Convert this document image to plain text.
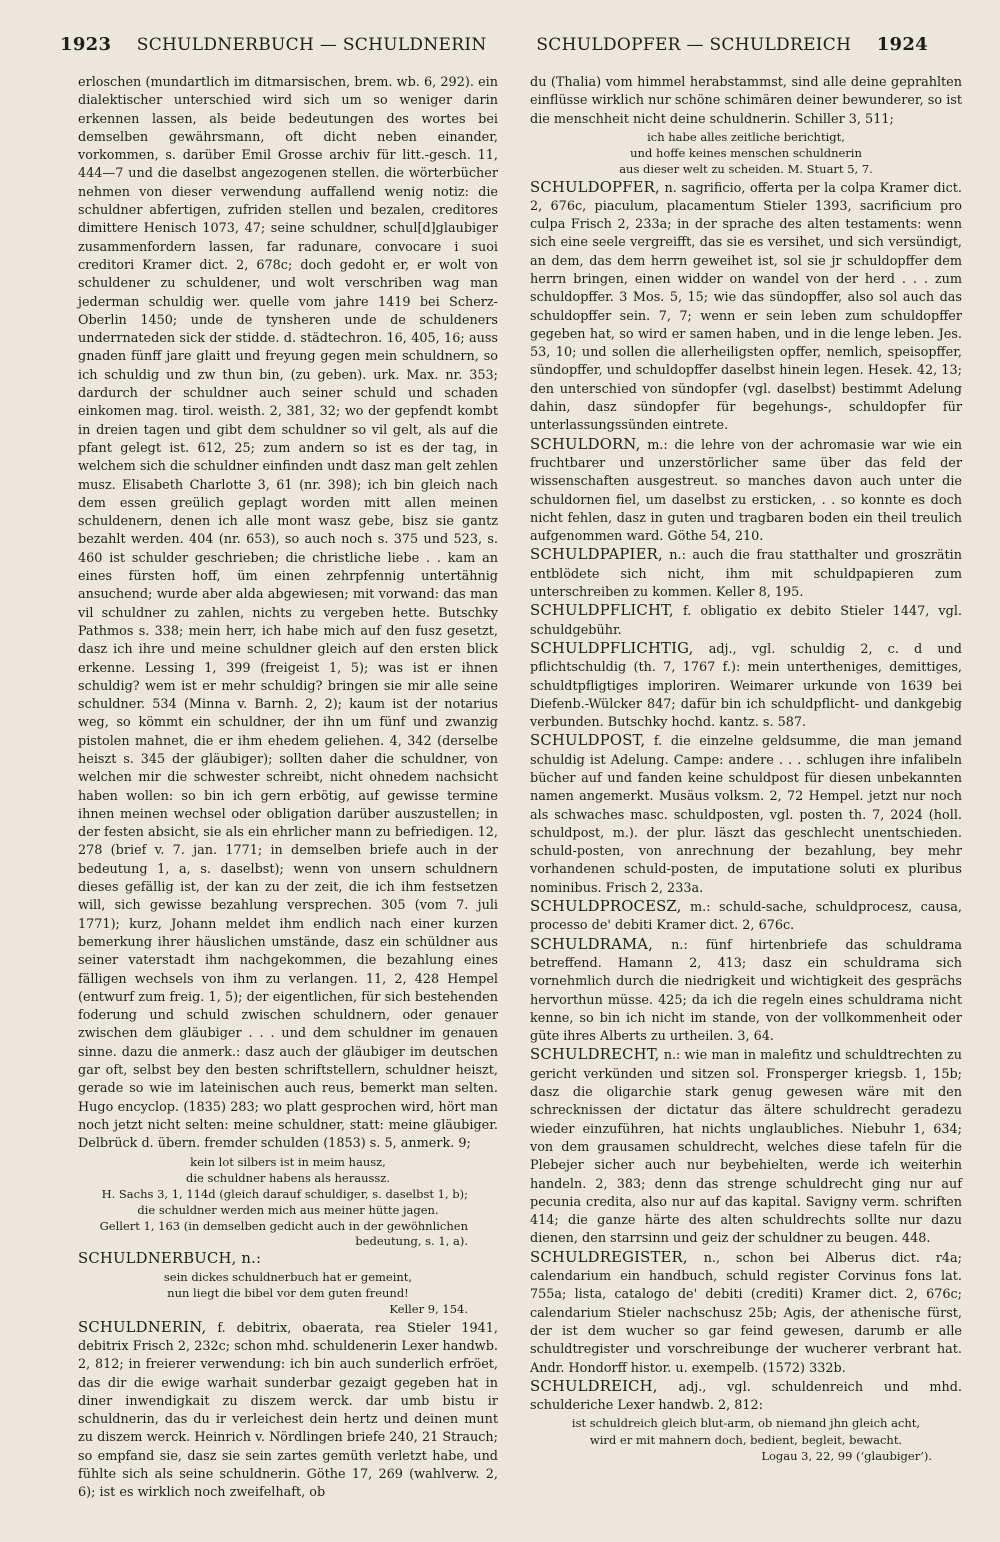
1923 SCHULDNERBUCH — SCHULDNERIN	SCHULDOPFER — SCHULDREICH 1924

erloschen (mundartlich im ditmarsischen, brem. wb. 6, 292). ein dialektischer unterschied wird sich um so weniger darin erkennen lassen, als beide bedeutungen des wortes bei demselben gewährsmann, oft dicht neben einander, vorkommen, s. darüber Emil Grosse archiv für litt.-gesch. 11, 444—7 und die daselbst angezogenen stellen. die wörterbücher nehmen von dieser verwendung auffallend wenig notiz: die schuldner abfertigen, zufriden stellen und bezalen, creditores dimittere Henisch 1073, 47; seine schuldner, schul[d]glaubiger zusammenfordern lassen, far radunare, convocare i suoi creditori Kramer dict. 2, 678c; doch gedoht er, er wolt von schuldener zu schuldener, und wolt verschriben wag man jederman schuldig wer. quelle vom jahre 1419 bei Scherz-Oberlin 1450; unde de tynsheren unde de schuldeners underrnateden sick der stidde. d. städtechron. 16, 405, 16; auss gnaden fünff jare glaitt und freyung gegen mein schuldnern, so ich schuldig und zw thun bin, (zu geben). urk. Max. nr. 353; dardurch der schuldner auch seiner schuld und schaden einkomen mag. tirol. weisth. 2, 381, 32; wo der gepfendt kombt in dreien tagen und gibt dem schuldner so vil gelt, als auf die pfant gelegt ist. 612, 25; zum andern so ist es der tag, in welchem sich die schuldner einfinden undt dasz man gelt zehlen musz. Elisabeth Charlotte 3, 61 (nr. 398); ich bin gleich nach dem essen greülich geplagt worden mitt allen meinen schuldenern, denen ich alle mont wasz gebe, bisz sie gantz bezahlt werden. 404 (nr. 653), so auch noch s. 375 und 523, s. 460 ist schulder geschrieben; die christliche liebe . . kam an eines fürsten hoff, üm einen zehrpfennig untertähnig ansuchend; wurde aber alda abgewiesen; mit vorwand: das man vil schuldner zu zahlen, nichts zu vergeben hette. Butschky Pathmos s. 338; mein herr, ich habe mich auf den fusz gesetzt, dasz ich ihre und meine schuldner gleich auf den ersten blick erkenne. Lessing 1, 399 (freigeist 1, 5); was ist er ihnen schuldig? wem ist er mehr schuldig? bringen sie mir alle seine schuldner. 534 (Minna v. Barnh. 2, 2); kaum ist der notarius weg, so kömmt ein schuldner, der ihn um fünf und zwanzig pistolen mahnet, die er ihm ehedem geliehen. 4, 342 (derselbe heiszt s. 345 der gläubiger); sollten daher die schuldner, von welchen mir die schwester schreibt, nicht ohnedem nachsicht haben wollen: so bin ich gern erbötig, auf gewisse termine ihnen meinen wechsel oder obligation darüber auszustellen; in der festen absicht, sie als ein ehrlicher mann zu befriedigen. 12, 278 (brief v. 7. jan. 1771; in demselben briefe auch in der bedeutung 1, a, s. daselbst); wenn von unsern schuldnern dieses gefällig ist, der kan zu der zeit, die ich ihm festsetzen will, sich gewisse bezahlung versprechen. 305 (vom 7. juli 1771); kurz, Johann meldet ihm endlich nach einer kurzen bemerkung ihrer häuslichen umstände, dasz ein schüldner aus seiner vaterstadt ihm nachgekommen, die bezahlung eines fälligen wechsels von ihm zu verlangen. 11, 2, 428 Hempel (entwurf zum freig. 1, 5); der eigentlichen, für sich bestehenden foderung und schuld zwischen schuldnern, oder genauer zwischen dem gläubiger . . . und dem schuldner im genauen sinne. dazu die anmerk.: dasz auch der gläubiger im deutschen gar oft, selbst bey den besten schriftstellern, schuldner heiszt, gerade so wie im lateinischen auch reus, bemerkt man selten. Hugo encyclop. (1835) 283; wo platt gesprochen wird, hört man noch jetzt nicht selten: meine schuldner, statt: meine gläubiger. Delbrück d. übern. fremder schulden (1853) s. 5, anmerk. 9;

kein lot silbers ist in meim hausz,

die schuldner habens als heraussz.

H. Sachs 3, 1, 114d (gleich darauf schuldiger, s. daselbst 1, b);

die schuldner werden mich aus meiner hütte jagen.

Gellert 1, 163 (in demselben gedicht auch in der gewöhnlichen bedeutung, s. 1, a).

SCHULDNERBUCH, n.:

sein dickes schuldnerbuch hat er gemeint,

nun liegt die bibel vor dem guten freund!

Keller 9, 154.

SCHULDNERIN, f. debitrix, obaerata, rea Stieler 1941, debitrix Frisch 2, 232c; schon mhd. schuldenerin Lexer handwb. 2, 812; in freierer verwendung: ich bin auch sunderlich erfröet, das dir die ewige warhait sunderbar gezaigt gegeben hat in diner inwendigkait zu diszem werck. dar umb bistu ir schuldnerin, das du ir verleichest dein hertz und deinen munt zu diszem werck. Heinrich v. Nördlingen briefe 240, 21 Strauch; so empfand sie, dasz sie sein zartes gemüth verletzt habe, und fühlte sich als seine schuldnerin. Göthe 17, 269 (wahlverw. 2, 6); ist es wirklich noch zweifelhaft, ob

du (Thalia) vom himmel herabstammst, sind alle deine geprahlten einflüsse wirklich nur schöne schimären deiner bewunderer, so ist die menschheit nicht deine schuldnerin. Schiller 3, 511;

ich habe alles zeitliche berichtigt,

und hoffe keines menschen schuldnerin

aus dieser welt zu scheiden. M. Stuart 5, 7.

SCHULDOPFER, n. sagrificio, offerta per la colpa Kramer dict. 2, 676c, piaculum, placamentum Stieler 1393, sacrificium pro culpa Frisch 2, 233a; in der sprache des alten testaments: wenn sich eine seele vergreifft, das sie es versihet, und sich versündigt, an dem, das dem herrn geweihet ist, sol sie jr schuldopffer dem herrn bringen, einen widder on wandel von der herd . . . zum schuldopffer. 3 Mos. 5, 15; wie das sündopffer, also sol auch das schuldopffer sein. 7, 7; wenn er sein leben zum schuldopffer gegeben hat, so wird er samen haben, und in die lenge leben. Jes. 53, 10; und sollen die allerheiligsten opffer, nemlich, speisopffer, sündopffer, und schuldopffer daselbst hinein legen. Hesek. 42, 13; den unterschied von sündopfer (vgl. daselbst) bestimmt Adelung dahin, dasz sündopfer für begehungs-, schuldopfer für unterlassungssünden eintrete.

SCHULDORN, m.: die lehre von der achromasie war wie ein fruchtbarer und unzerstörlicher same über das feld der wissenschaften ausgestreut. so manches davon auch unter die schuldornen fiel, um daselbst zu ersticken, . . so konnte es doch nicht fehlen, dasz in guten und tragbaren boden ein theil treulich aufgenommen ward. Göthe 54, 210.

SCHULDPAPIER, n.: auch die frau statthalter und groszrätin entblödete sich nicht, ihm mit schuldpapieren zum unterschreiben zu kommen. Keller 8, 195.

SCHULDPFLICHT, f. obligatio ex debito Stieler 1447, vgl. schuldgebühr.

SCHULDPFLICHTIG, adj., vgl. schuldig 2, c. d und pflichtschuldig (th. 7, 1767 f.): mein untertheniges, demittiges, schuldtpfligtiges imploriren. Weimarer urkunde von 1639 bei Diefenb.-Wülcker 847; dafür bin ich schuldpflicht- und dankgebig verbunden. Butschky hochd. kantz. s. 587.

SCHULDPOST, f. die einzelne geldsumme, die man jemand schuldig ist Adelung. Campe: andere . . . schlugen ihre infalibeln bücher auf und fanden keine schuldpost für diesen unbekannten namen angemerkt. Musäus volksm. 2, 72 Hempel. jetzt nur noch als schwaches masc. schuldposten, vgl. posten th. 7, 2024 (holl. schuldpost, m.). der plur. läszt das geschlecht unentschieden. schuld-posten, von anrechnung der bezahlung, bey mehr vorhandenen schuld-posten, de imputatione soluti ex pluribus nominibus. Frisch 2, 233a.

SCHULDPROCESZ, m.: schuld-sache, schuldprocesz, causa, processo de' debiti Kramer dict. 2, 676c.

SCHULDRAMA, n.: fünf hirtenbriefe das schuldrama betreffend. Hamann 2, 413; dasz ein schuldrama sich vornehmlich durch die niedrigkeit und wichtigkeit des gesprächs hervorthun müsse. 425; da ich die regeln eines schuldrama nicht kenne, so bin ich nicht im stande, von der vollkommenheit oder güte ihres Alberts zu urtheilen. 3, 64.

SCHULDRECHT, n.: wie man in malefitz und schuldtrechten zu gericht verkünden und sitzen sol. Fronsperger kriegsb. 1, 15b; dasz die oligarchie stark genug gewesen wäre mit den schrecknissen der dictatur das ältere schuldrecht geradezu wieder einzuführen, hat nichts unglaubliches. Niebuhr 1, 634; von dem grausamen schuldrecht, welches diese tafeln für die Plebejer sicher auch nur beybehielten, werde ich weiterhin handeln. 2, 383; denn das strenge schuldrecht ging nur auf pecunia credita, also nur auf das kapital. Savigny verm. schriften 414; die ganze härte des alten schuldrechts sollte nur dazu dienen, den starrsinn und geiz der schuldner zu beugen. 448.

SCHULDREGISTER, n., schon bei Alberus dict. r4a; calendarium ein handbuch, schuld register Corvinus fons lat. 755a; lista, catalogo de' debiti (crediti) Kramer dict. 2, 676c; calendarium Stieler nachschusz 25b; Agis, der athenische fürst, der ist dem wucher so gar feind gewesen, darumb er alle schuldtregister und vorschreibunge der wucherer verbrant hat. Andr. Hondorff histor. u. exempelb. (1572) 332b.

SCHULDREICH, adj., vgl. schuldenreich und mhd. schulderiche Lexer handwb. 2, 812:

ist schuldreich gleich blut-arm, ob niemand jhn gleich acht,

wird er mit mahnern doch, bedient, begleit, bewacht.

Logau 3, 22, 99 (‘glaubiger’).
